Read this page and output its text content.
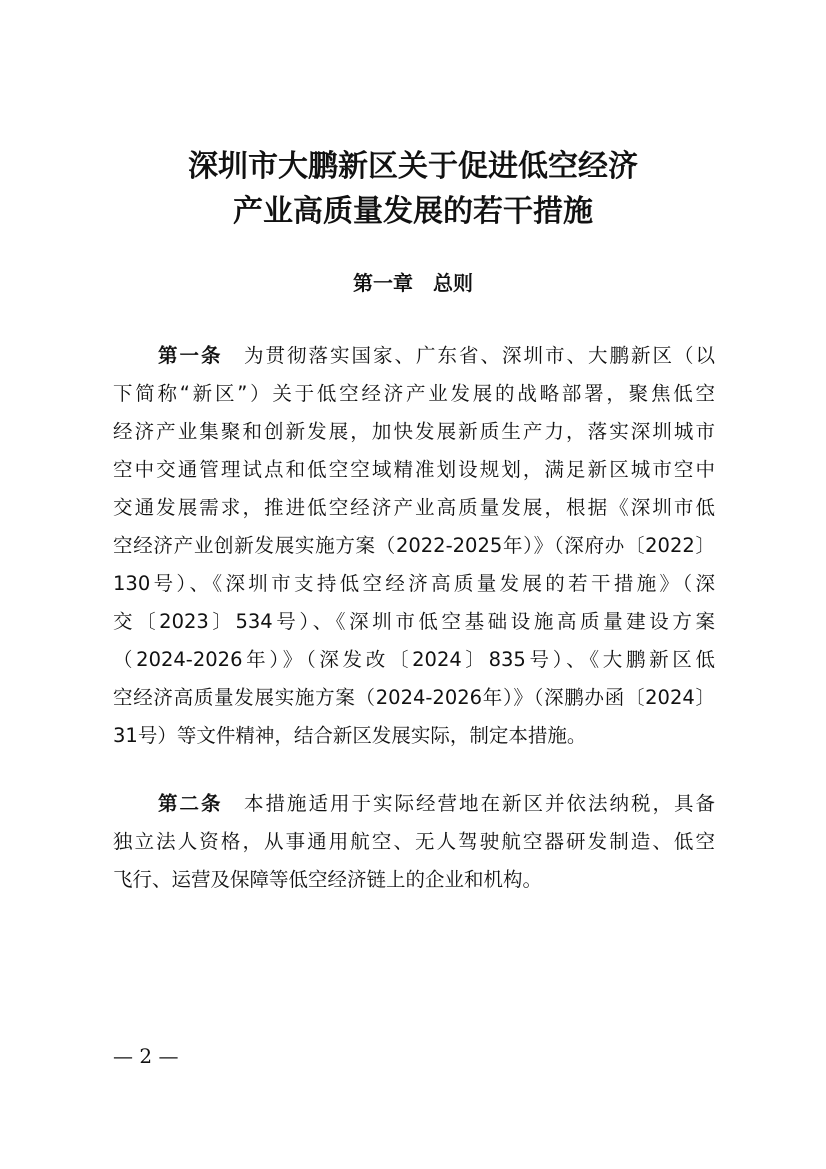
深圳市大鹏新区关于促进低空经济
产业高质量发展的若干措施
第一章　总则
第一条  为贯彻落实国家、广东省、深圳市、大鹏新区（以
下简称“新区”）关于低空经济产业发展的战略部署，聚焦低空
经济产业集聚和创新发展，加快发展新质生产力，落实深圳城市
空中交通管理试点和低空空域精准划设规划，满足新区城市空中
交通发展需求，推进低空经济产业高质量发展，根据《深圳市低
空经济产业创新发展实施方案（2022-2025年）》（深府办〔2022〕
130号）、《深圳市支持低空经济高质量发展的若干措施》（深
交〔2023〕534号）、《深圳市低空基础设施高质量建设方案
（2024-2026年）》（深发改〔2024〕835号）、《大鹏新区低
空经济高质量发展实施方案（2024-2026年）》（深鹏办函〔2024〕
31号）等文件精神，结合新区发展实际，制定本措施。
第二条  本措施适用于实际经营地在新区并依法纳税，具备
独立法人资格，从事通用航空、无人驾驶航空器研发制造、低空
飞行、运营及保障等低空经济链上的企业和机构。
— 2 —
